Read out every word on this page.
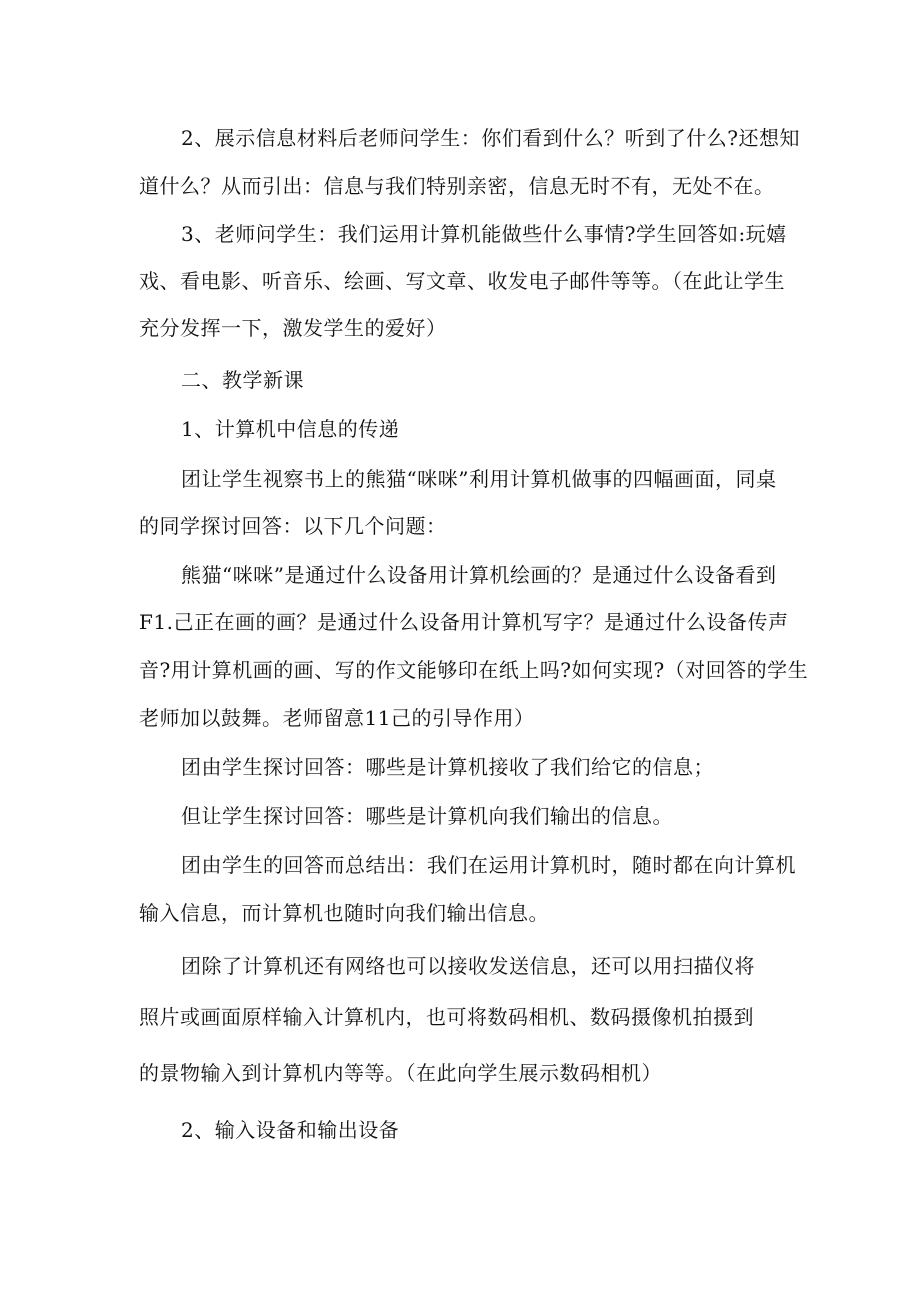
2、展示信息材料后老师问学生：你们看到什么？听到了什么?还想知
道什么？从而引出：信息与我们特别亲密，信息无时不有，无处不在。
3、老师问学生：我们运用计算机能做些什么事情?学生回答如:玩嬉
戏、看电影、听音乐、绘画、写文章、收发电子邮件等等。（在此让学生
充分发挥一下，激发学生的爱好）
二、教学新课
1、计算机中信息的传递
团让学生视察书上的熊猫“咪咪”利用计算机做事的四幅画面，同桌
的同学探讨回答：以下几个问题：
熊猫“咪咪”是通过什么设备用计算机绘画的？是通过什么设备看到
F1.己正在画的画？是通过什么设备用计算机写字？是通过什么设备传声
音?用计算机画的画、写的作文能够印在纸上吗?如何实现?（对回答的学生
老师加以鼓舞。老师留意11己的引导作用）
团由学生探讨回答：哪些是计算机接收了我们给它的信息；
但让学生探讨回答：哪些是计算机向我们输出的信息。
团由学生的回答而总结出：我们在运用计算机时，随时都在向计算机
输入信息，而计算机也随时向我们输出信息。
团除了计算机还有网络也可以接收发送信息，还可以用扫描仪将
照片或画面原样输入计算机内，也可将数码相机、数码摄像机拍摄到
的景物输入到计算机内等等。（在此向学生展示数码相机）
2、输入设备和输出设备
